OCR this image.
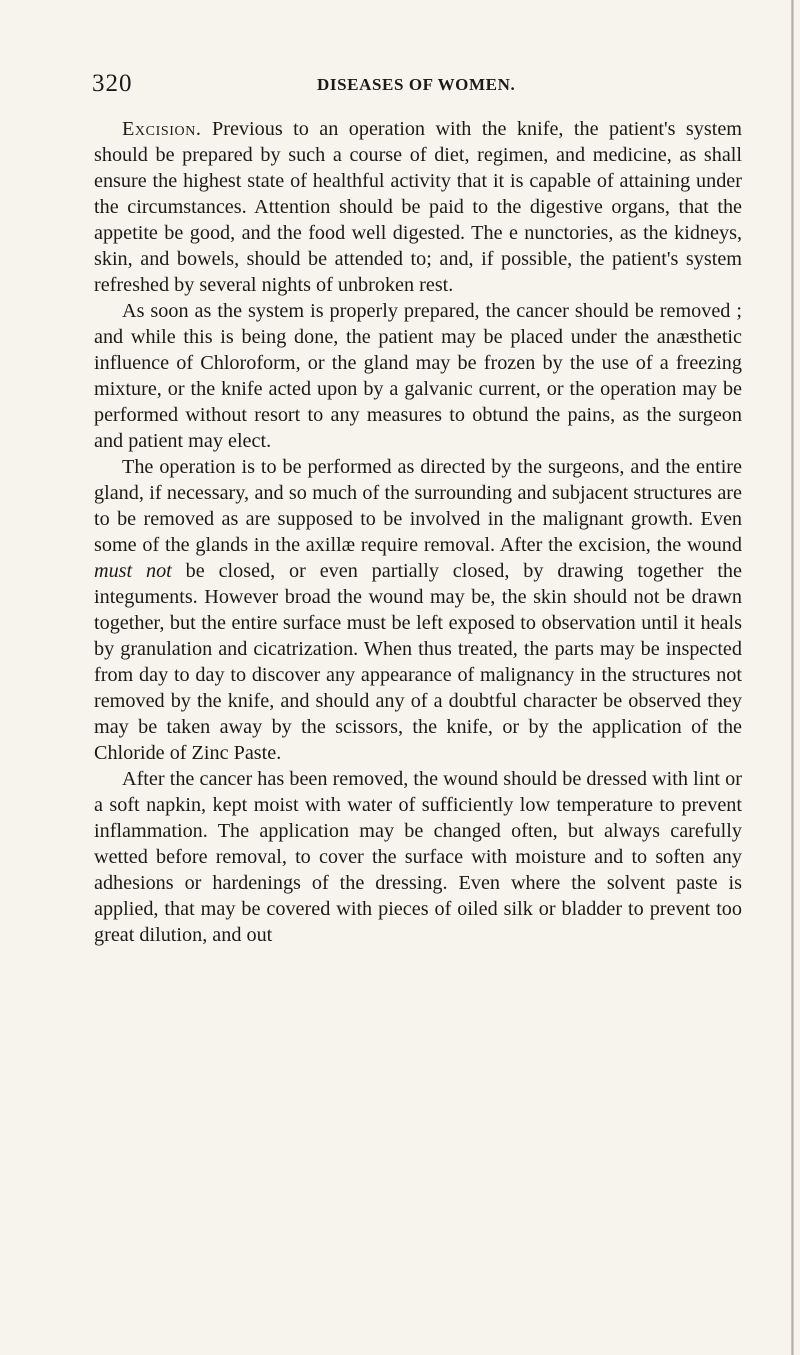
320	DISEASES OF WOMEN.

Excision. Previous to an operation with the knife, the patient's system should be prepared by such a course of diet, regimen, and medicine, as shall ensure the highest state of healthful activity that it is capable of attaining under the circumstances. Attention should be paid to the digestive organs, that the appetite be good, and the food well digested. The e nunctories, as the kidneys, skin, and bowels, should be attended to; and, if possible, the patient's system refreshed by several nights of unbroken rest.

As soon as the system is properly prepared, the cancer should be removed ; and while this is being done, the patient may be placed under the anæsthetic influence of Chloroform, or the gland may be frozen by the use of a freezing mixture, or the knife acted upon by a galvanic current, or the operation may be performed without resort to any measures to obtund the pains, as the surgeon and patient may elect.

The operation is to be performed as directed by the surgeons, and the entire gland, if necessary, and so much of the surrounding and subjacent structures are to be removed as are supposed to be involved in the malignant growth. Even some of the glands in the axillæ require removal. After the excision, the wound must not be closed, or even partially closed, by drawing together the integuments. However broad the wound may be, the skin should not be drawn together, but the entire surface must be left exposed to observation until it heals by granulation and cicatrization. When thus treated, the parts may be inspected from day to day to discover any appearance of malignancy in the structures not removed by the knife, and should any of a doubtful character be observed they may be taken away by the scissors, the knife, or by the application of the Chloride of Zinc Paste.

After the cancer has been removed, the wound should be dressed with lint or a soft napkin, kept moist with water of sufficiently low temperature to prevent inflammation. The application may be changed often, but always carefully wetted before removal, to cover the surface with moisture and to soften any adhesions or hardenings of the dressing. Even where the solvent paste is applied, that may be covered with pieces of oiled silk or bladder to prevent too great dilution, and out
